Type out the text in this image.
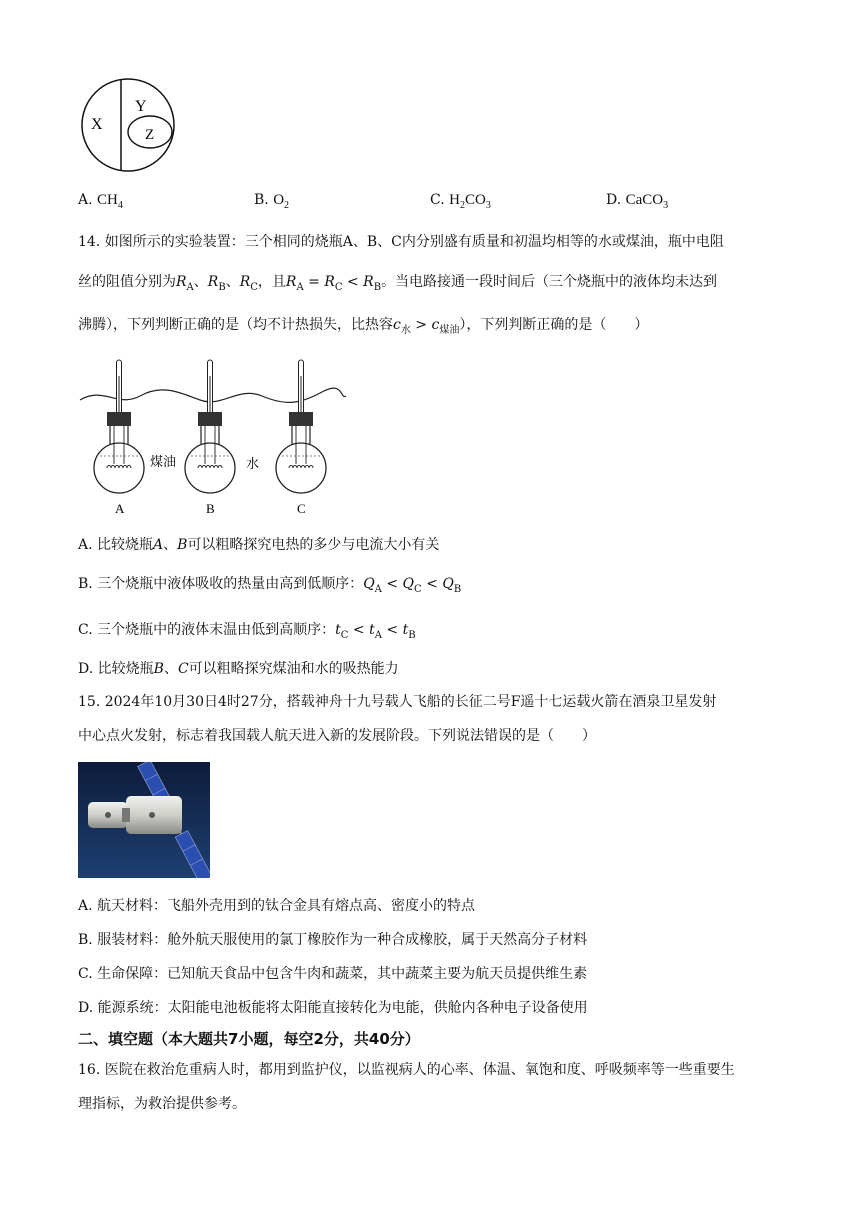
X
Y
Z
A. $CH_4$	B. $O_2$	C. $H_2CO_3$	D. CaCO$_3$
14. 如图所示的实验装置：三个相同的烧瓶A、B、C内分别盛有质量和初温均相等的水或煤油，瓶中电阻
丝的阻值分别为$R_A$、$R_B$、$R_C$，且$R_A = R_C < R_B$。当电路接通一段时间后（三个烧瓶中的液体均未达到
沸腾），下列判断正确的是（均不计热损失，比热容$c_水 > c_{煤油}$），下列判断正确的是（　　）
煤油	水
A	B	C
A. 比较烧瓶A、B可以粗略探究电热的多少与电流大小有关
B. 三个烧瓶中液体吸收的热量由高到低顺序：$Q_A < Q_C < Q_B$
C. 三个烧瓶中的液体末温由低到高顺序：$t_C < t_A < t_B$
D. 比较烧瓶B、C可以粗略探究煤油和水的吸热能力
15. 2024年10月30日4时27分，搭载神舟十九号载人飞船的长征二号F遥十七运载火箭在酒泉卫星发射
中心点火发射，标志着我国载人航天进入新的发展阶段。下列说法错误的是（　　）
A. 航天材料：飞船外壳用到的钛合金具有熔点高、密度小的特点
B. 服装材料：舱外航天服使用的氯丁橡胶作为一种合成橡胶，属于天然高分子材料
C. 生命保障：已知航天食品中包含牛肉和蔬菜，其中蔬菜主要为航天员提供维生素
D. 能源系统：太阳能电池板能将太阳能直接转化为电能，供舱内各种电子设备使用
二、填空题（本大题共7小题，每空2分，共40分）
16. 医院在救治危重病人时，都用到监护仪，以监视病人的心率、体温、氧饱和度、呼吸频率等一些重要生
理指标，为救治提供参考。
